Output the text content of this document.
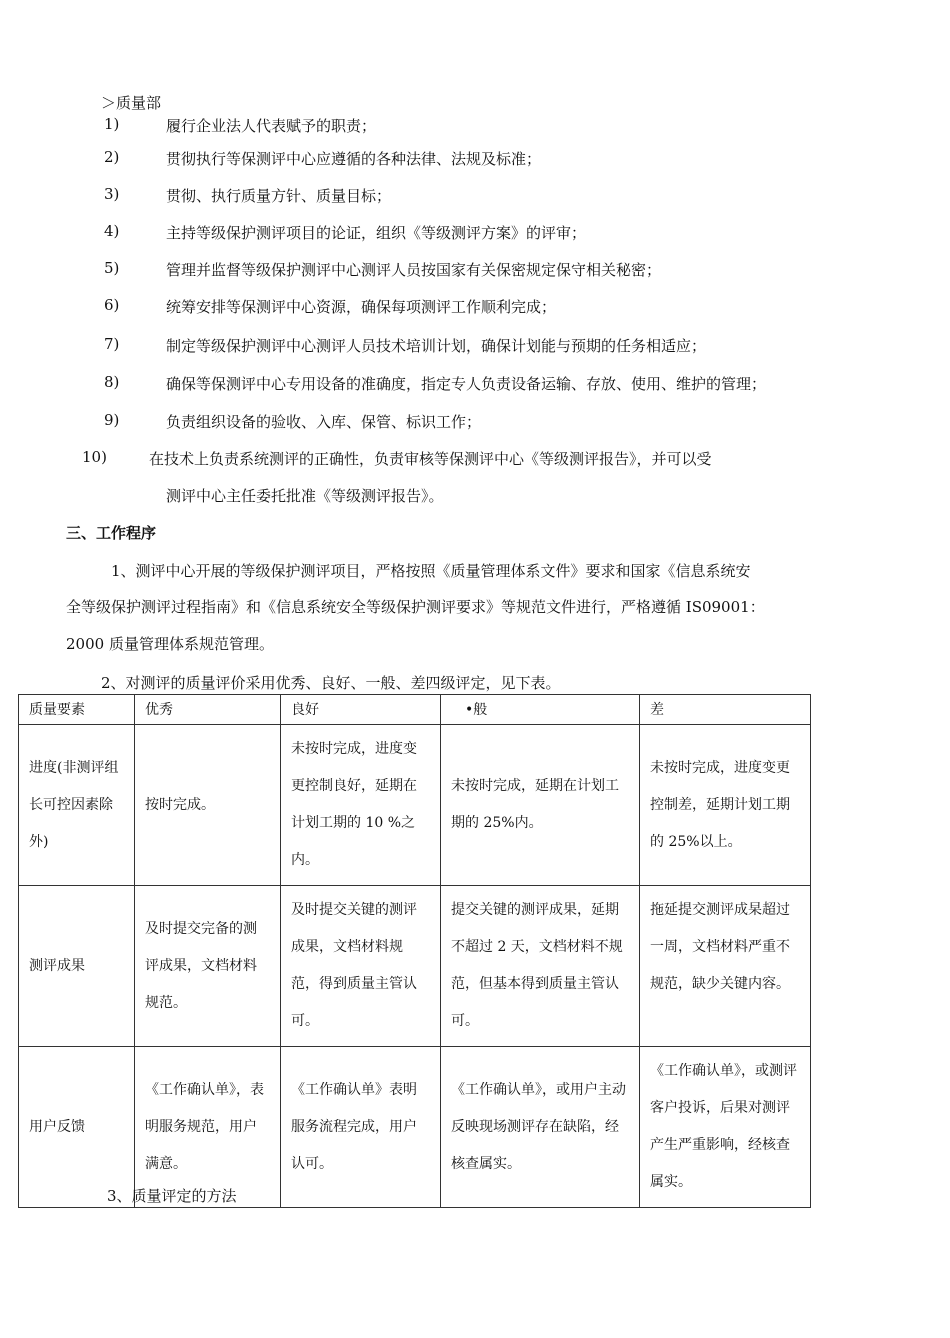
＞质量部
1)	履行企业法人代表赋予的职责；
2)	贯彻执行等保测评中心应遵循的各种法律、法规及标准；
3)	贯彻、执行质量方针、质量目标；
4)	主持等级保护测评项目的论证，组织《等级测评方案》的评审；
5)	管理并监督等级保护测评中心测评人员按国家有关保密规定保守相关秘密；
6)	统筹安排等保测评中心资源，确保每项测评工作顺利完成；
7)	制定等级保护测评中心测评人员技术培训计划，确保计划能与预期的任务相适应；
8)	确保等保测评中心专用设备的准确度，指定专人负责设备运输、存放、使用、维护的管理；
9)	负责组织设备的验收、入库、保管、标识工作；
10)	在技术上负责系统测评的正确性，负责审核等保测评中心《等级测评报告》，并可以受
测评中心主任委托批准《等级测评报告》。
三、工作程序
1、测评中心开展的等级保护测评项目，严格按照《质量管理体系文件》要求和国家《信息系统安
全等级保护测评过程指南》和《信息系统安全等级保护测评要求》等规范文件进行，严格遵循 IS09001：
2000 质量管理体系规范管理。
2、对测评的质量评价采用优秀、良好、一般、差四级评定，见下表。
质量要素	优秀	良好	•般	差
进度(非测评组长可控因素除外)	按时完成。	未按时完成，进度变更控制良好，延期在计划工期的 10 %之内。	未按时完成，延期在计划工期的 25%内。	未按时完成，进度变更控制差，延期计划工期的 25%以上。
测评成果	及时提交完备的测评成果，文档材料规范。	及时提交关键的测评成果，文档材料规范，得到质量主管认可。	提交关键的测评成果，延期不超过 2 天，文档材料不规范，但基本得到质量主管认可。	拖延提交测评成杲超过一周，文档材料严重不规范，缺少关键内容。
用户反馈	《工作确认单》，表明服务规范，用户满意。	《工作确认单》表明服务流程完成，用户认可。	《工作确认单》，或用户主动反映现场测评存在缺陷，经核查属实。	《工作确认单》，或测评客户投诉，后果对测评产生严重影响，经核查属实。
3、质量评定的方法
